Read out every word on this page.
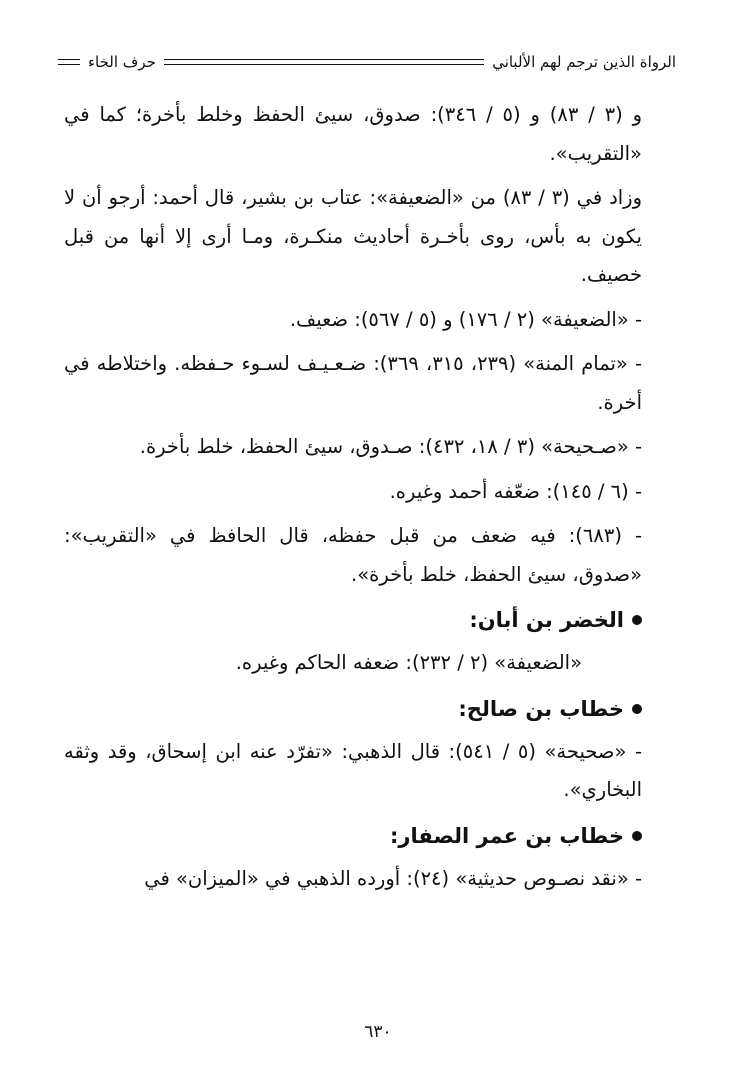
الرواة الذين ترجم لهم الألباني
حرف الخاء

و (٣ / ٨٣) و (٥ / ٣٤٦): صدوق، سيئ الحفظ وخلط بأخرة؛ كما في «التقريب».

وزاد في (٣ / ٨٣) من «الضعيفة»: عتاب بن بشير، قال أحمد: أرجو أن لا يكون به بأس، روى بأخـرة أحاديث منكـرة، ومـا أرى إلا أنها من قبل خصيف.

- «الضعيفة» (٢ / ١٧٦) و (٥ / ٥٦٧): ضعيف.

- «تمام المنة» (٢٣٩، ٣١٥، ٣٦٩): ضـعـيـف لسـوء حـفظه. واختلاطه في أخرة.

- «صـحيحة» (٣ / ١٨، ٤٣٢): صـدوق، سيئ الحفظ، خلط بأخرة.

- (٦ / ١٤٥): ضعّفه أحمد وغيره.

- (٦٨٣): فيه ضعف من قبل حفظه، قال الحافظ في «التقريب»: «صدوق، سيئ الحفظ، خلط بأخرة».

الخضر بن أبان:

«الضعيفة» (٢ / ٢٣٢): ضعفه الحاكم وغيره.

خطاب بن صالح:

- «صحيحة» (٥ / ٥٤١): قال الذهبي: «تفرّد عنه ابن إسحاق، وقد وثقه البخاري».

خطاب بن عمر الصفار:

- «نقد نصـوص حديثية» (٢٤): أورده الذهبي في «الميزان» في

٦٣٠
